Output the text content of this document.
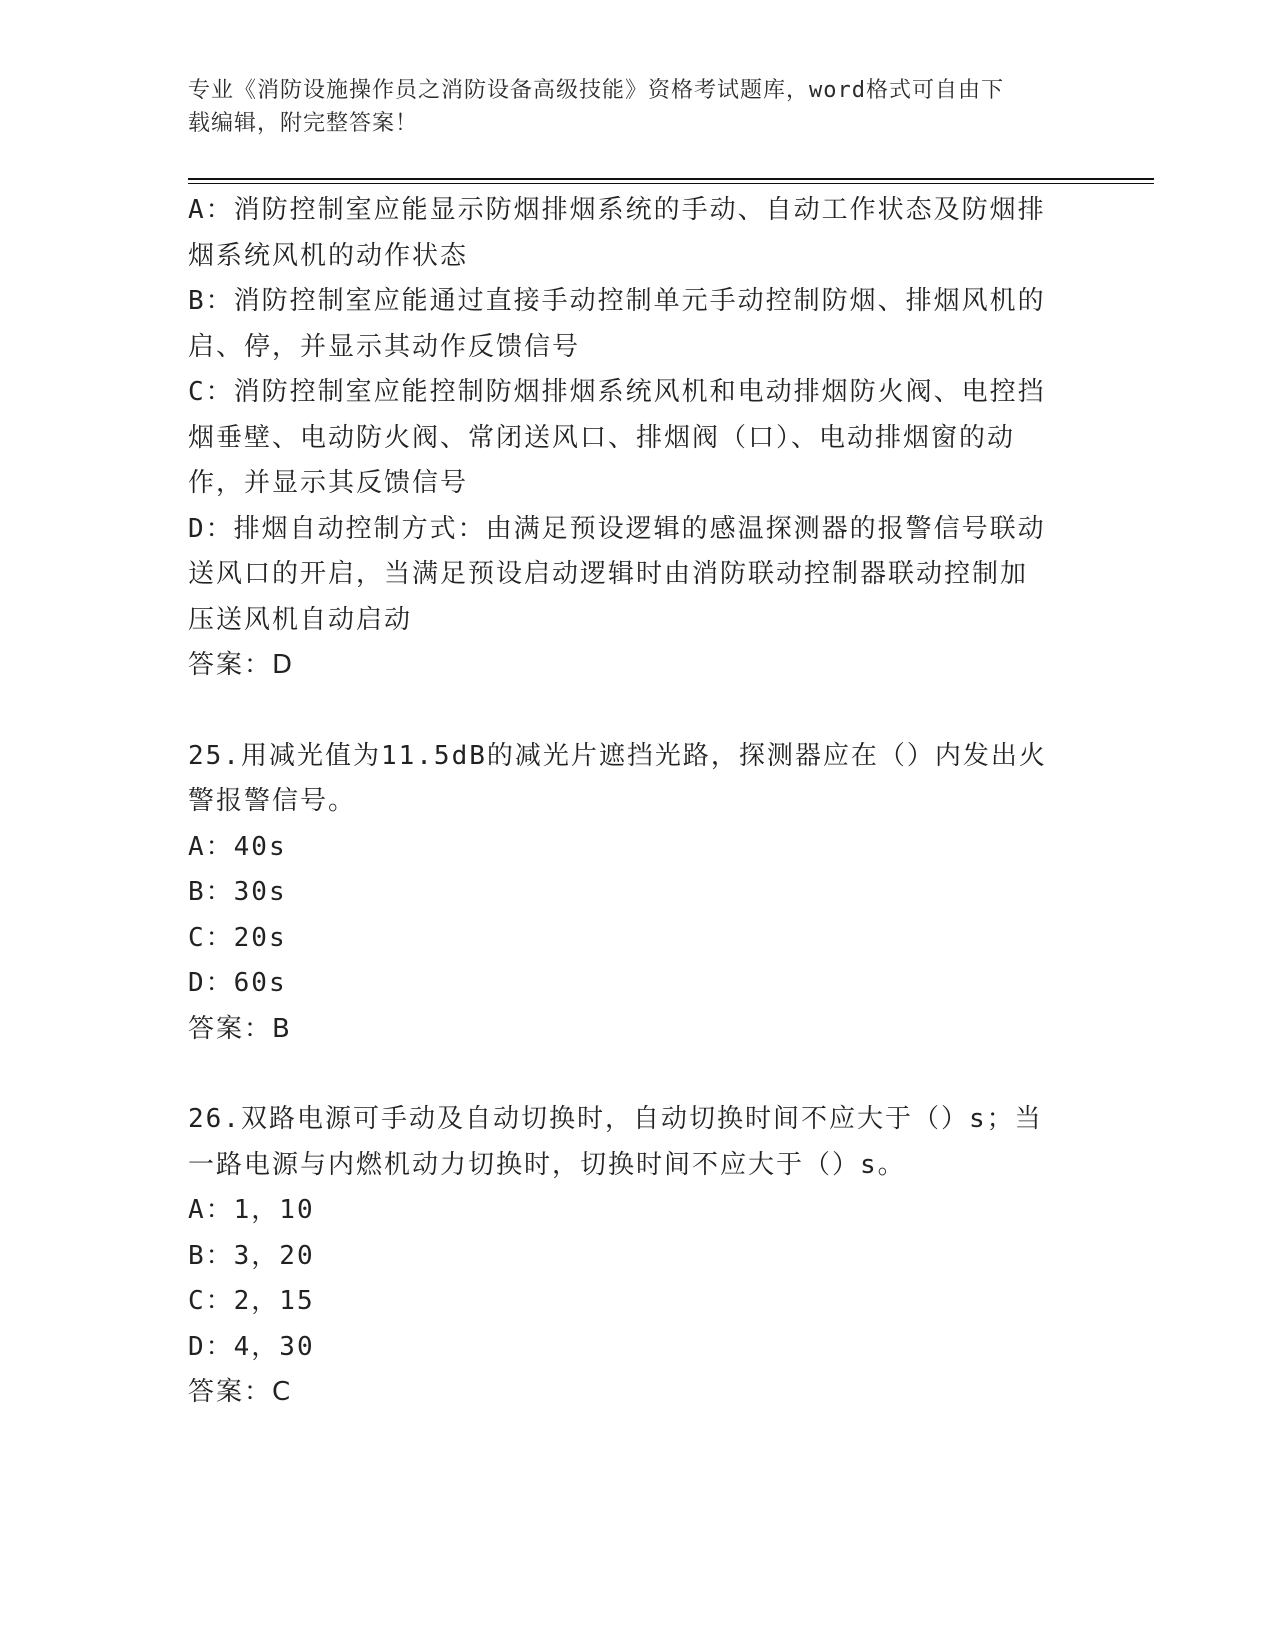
专业《消防设施操作员之消防设备高级技能》资格考试题库，word格式可自由下
载编辑，附完整答案！
A：消防控制室应能显示防烟排烟系统的手动、自动工作状态及防烟排
烟系统风机的动作状态
B：消防控制室应能通过直接手动控制单元手动控制防烟、排烟风机的
启、停，并显示其动作反馈信号
C：消防控制室应能控制防烟排烟系统风机和电动排烟防火阀、电控挡
烟垂壁、电动防火阀、常闭送风口、排烟阀（口）、电动排烟窗的动
作，并显示其反馈信号
D：排烟自动控制方式：由满足预设逻辑的感温探测器的报警信号联动
送风口的开启，当满足预设启动逻辑时由消防联动控制器联动控制加
压送风机自动启动
答案：D
25.用减光值为11.5dB的减光片遮挡光路，探测器应在（）内发出火
警报警信号。
A：40s
B：30s
C：20s
D：60s
答案：B
26.双路电源可手动及自动切换时，自动切换时间不应大于（）s；当
一路电源与内燃机动力切换时，切换时间不应大于（）s。
A：1，10
B：3，20
C：2，15
D：4，30
答案：C
